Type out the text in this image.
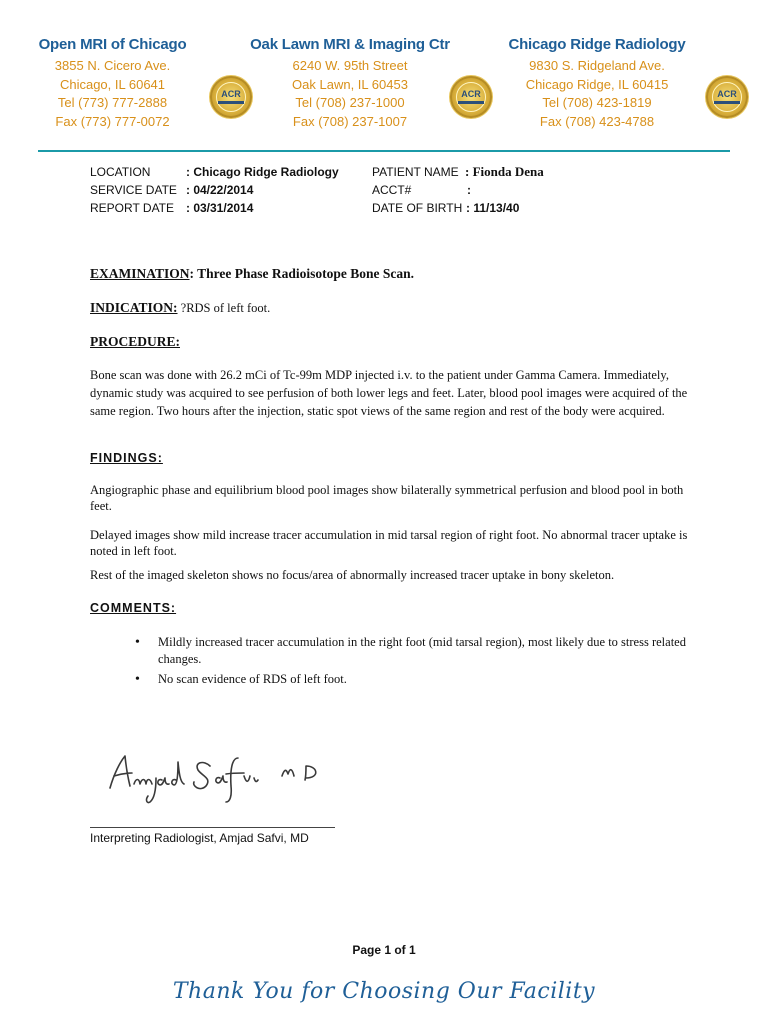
Open MRI of Chicago
3855 N. Cicero Ave.
Chicago, IL 60641
Tel (773) 777-2888
Fax (773) 777-0072
ACR
Oak Lawn MRI & Imaging Ctr
6240 W. 95th Street
Oak Lawn, IL 60453
Tel (708) 237-1000
Fax (708) 237-1007
ACR
Chicago Ridge Radiology
9830 S. Ridgeland Ave.
Chicago Ridge, IL 60415
Tel (708) 423-1819
Fax (708) 423-4788
ACR
LOCATION	: Chicago Ridge Radiology
SERVICE DATE : 04/22/2014
REPORT DATE : 03/31/2014
PATIENT NAME : Fionda Dena
ACCT#	:
DATE OF BIRTH : 11/13/40
EXAMINATION: Three Phase Radioisotope Bone Scan.
INDICATION: ?RDS of left foot.
PROCEDURE:
Bone scan was done with 26.2 mCi of Tc-99m MDP injected i.v. to the patient under Gamma Camera. Immediately, dynamic study was acquired to see perfusion of both lower legs and feet. Later, blood pool images were acquired of the same region. Two hours after the injection, static spot views of the same region and rest of the body were acquired.
FINDINGS:
Angiographic phase and equilibrium blood pool images show bilaterally symmetrical perfusion and blood pool in both feet.
Delayed images show mild increase tracer accumulation in mid tarsal region of right foot. No abnormal tracer uptake is noted in left foot.
Rest of the imaged skeleton shows no focus/area of abnormally increased tracer uptake in bony skeleton.
COMMENTS:
• Mildly increased tracer accumulation in the right foot (mid tarsal region), most likely due to stress related changes.
• No scan evidence of RDS of left foot.
Interpreting Radiologist, Amjad Safvi, MD
Page 1 of 1
Thank You for Choosing Our Facility
